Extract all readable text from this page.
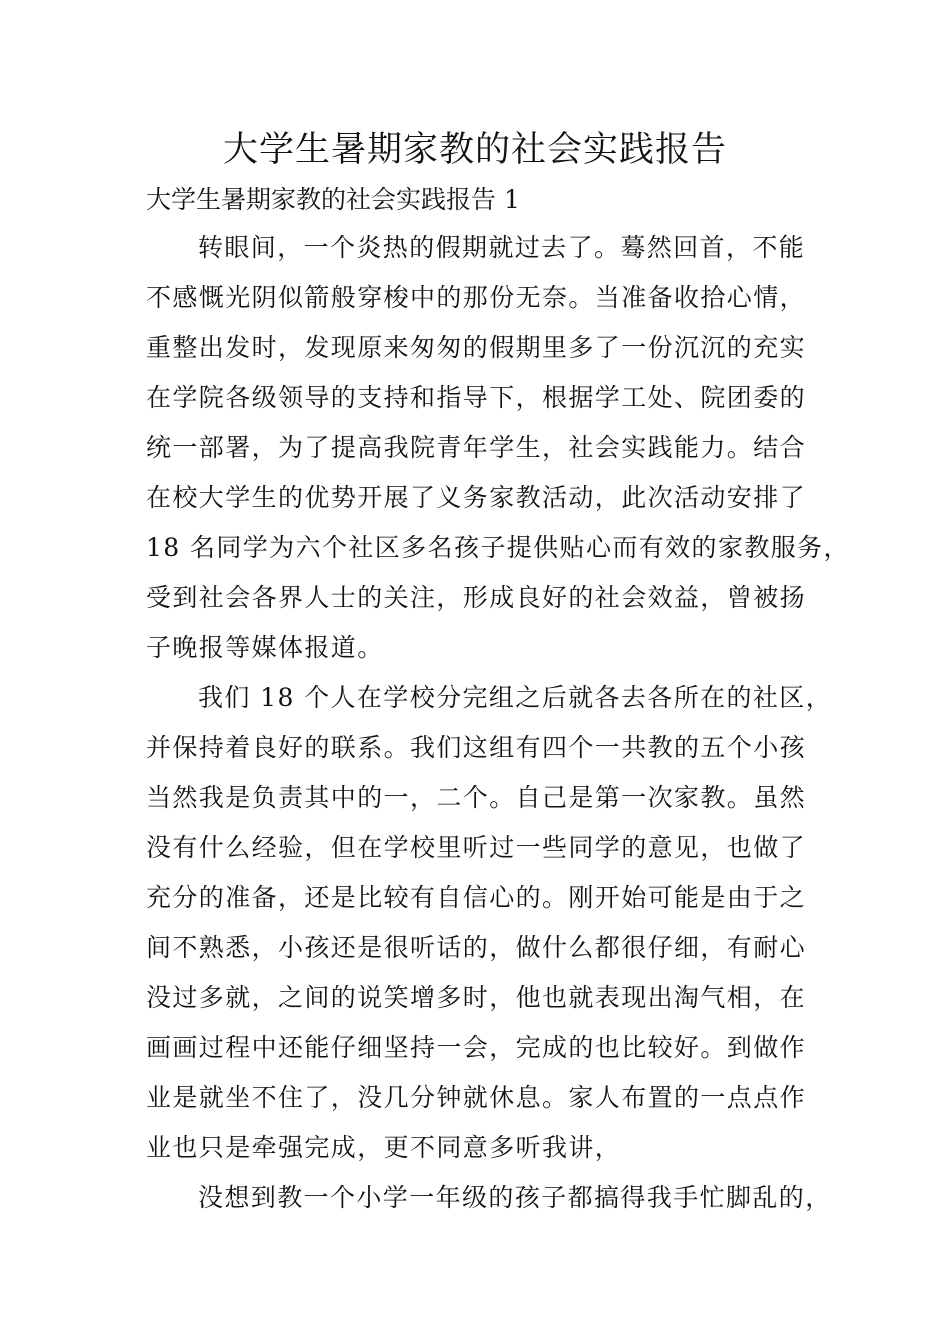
大学生暑期家教的社会实践报告

大学生暑期家教的社会实践报告 1

转眼间，一个炎热的假期就过去了。蓦然回首，不能

不感慨光阴似箭般穿梭中的那份无奈。当准备收拾心情，

重整出发时，发现原来匆匆的假期里多了一份沉沉的充实

在学院各级领导的支持和指导下，根据学工处、院团委的

统一部署，为了提高我院青年学生，社会实践能力。结合

在校大学生的优势开展了义务家教活动，此次活动安排了

18 名同学为六个社区多名孩子提供贴心而有效的家教服务，

受到社会各界人士的关注，形成良好的社会效益，曾被扬

子晚报等媒体报道。

我们 18 个人在学校分完组之后就各去各所在的社区，

并保持着良好的联系。我们这组有四个一共教的五个小孩

当然我是负责其中的一，二个。自己是第一次家教。虽然

没有什么经验，但在学校里听过一些同学的意见，也做了

充分的准备，还是比较有自信心的。刚开始可能是由于之

间不熟悉，小孩还是很听话的，做什么都很仔细，有耐心

没过多就，之间的说笑增多时，他也就表现出淘气相，在

画画过程中还能仔细坚持一会，完成的也比较好。到做作

业是就坐不住了，没几分钟就休息。家人布置的一点点作

业也只是牵强完成，更不同意多听我讲，

没想到教一个小学一年级的孩子都搞得我手忙脚乱的，
